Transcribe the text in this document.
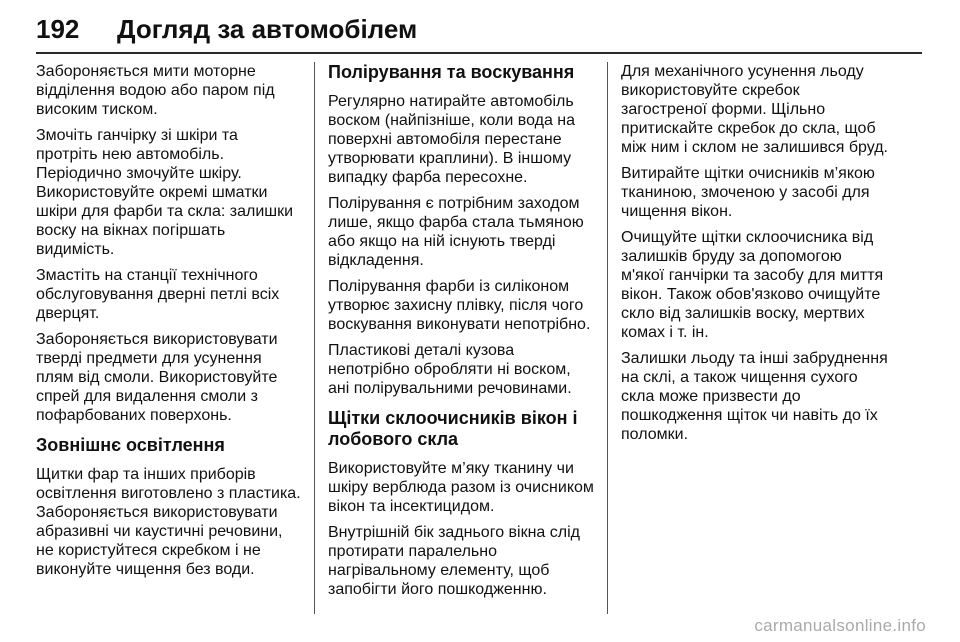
192 Догляд за автомобілем

Забороняється мити моторне
відділення водою або паром під
високим тиском.

Змочіть ганчірку зі шкіри та
протріть нею автомобіль.
Періодично змочуйте шкіру.
Використовуйте окремі шматки
шкіри для фарби та скла: залишки
воску на вікнах погіршать
видимість.

Змастіть на станції технічного
обслуговування дверні петлі всіх
дверцят.

Забороняється використовувати
тверді предмети для усунення
плям від смоли. Використовуйте
спрей для видалення смоли з
пофарбованих поверхонь.

Зовнішнє освітлення

Щитки фар та інших приборів
освітлення виготовлено з пластика.
Забороняється використовувати
абразивні чи каустичні речовини,
не користуйтеся скребком і не
виконуйте чищення без води.

Полірування та воскування

Регулярно натирайте автомобіль
воском (найпізніше, коли вода на
поверхні автомобіля перестане
утворювати краплини). В іншому
випадку фарба пересохне.

Полірування є потрібним заходом
лише, якщо фарба стала тьмяною
або якщо на ній існують тверді
відкладення.

Полірування фарби із силіконом
утворює захисну плівку, після чого
воскування виконувати непотрібно.

Пластикові деталі кузова
непотрібно обробляти ні воском,
ані полірувальними речовинами.

Щітки склоочисників вікон і
лобового скла

Використовуйте м’яку тканину чи
шкіру верблюда разом із очисником
вікон та інсектицидом.

Внутрішній бік заднього вікна слід
протирати паралельно
нагрівальному елементу, щоб
запобігти його пошкодженню.

Для механічного усунення льоду
використовуйте скребок
загостреної форми. Щільно
притискайте скребок до скла, щоб
між ним і склом не залишився бруд.

Витирайте щітки очисників м’якою
тканиною, змоченою у засобі для
чищення вікон.

Очищуйте щітки склоочисника від
залишків бруду за допомогою
м'якої ганчірки та засобу для миття
вікон. Також обов'язково очищуйте
скло від залишків воску, мертвих
комах і т. ін.

Залишки льоду та інші забруднення
на склі, а також чищення сухого
скла може призвести до
пошкодження щіток чи навіть до їх
поломки.

carmanualsonline.info
